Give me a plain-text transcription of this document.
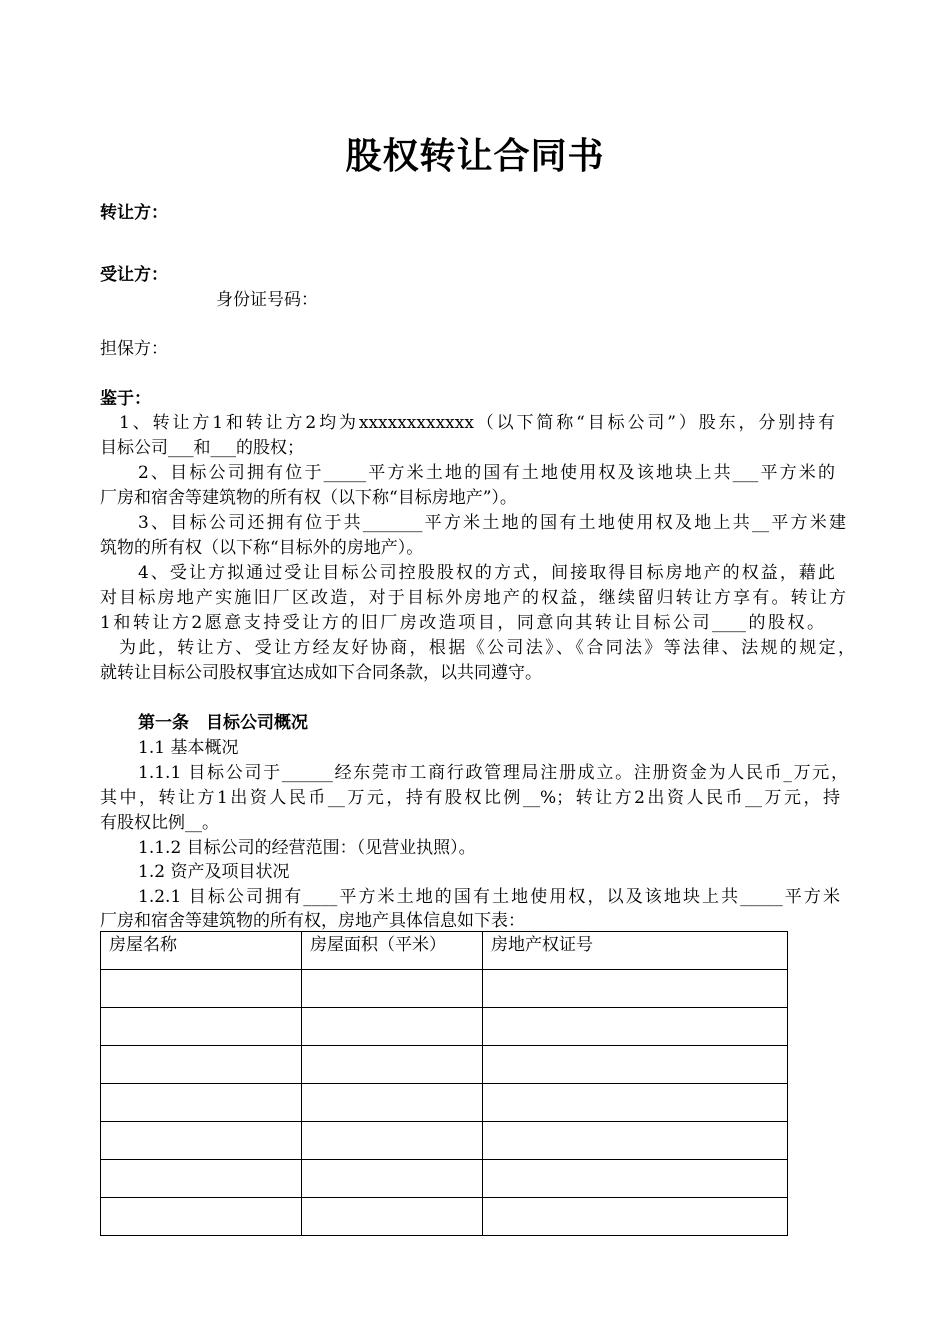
股权转让合同书
转让方：
受让方：
身份证号码：
担保方：
鉴于：
1、转让方1和转让方2均为xxxxxxxxxxxx（以下简称“目标公司”）股东，分别持有
目标公司___和___的股权；
2、目标公司拥有位于_____平方米土地的国有土地使用权及该地块上共___平方米的
厂房和宿舍等建筑物的所有权（以下称“目标房地产”）。
3、目标公司还拥有位于共_______平方米土地的国有土地使用权及地上共__平方米建
筑物的所有权（以下称“目标外的房地产）。
4、受让方拟通过受让目标公司控股股权的方式，间接取得目标房地产的权益，藉此
对目标房地产实施旧厂区改造，对于目标外房地产的权益，继续留归转让方享有。转让方
1和转让方2愿意支持受让方的旧厂房改造项目，同意向其转让目标公司____的股权。
为此，转让方、受让方经友好协商，根据《公司法》、《合同法》等法律、法规的规定，
就转让目标公司股权事宜达成如下合同条款，以共同遵守。
第一条　目标公司概况
1.1 基本概况
1.1.1 目标公司于______经东莞市工商行政管理局注册成立。注册资金为人民币_万元，
其中，转让方1出资人民币__万元，持有股权比例__%；转让方2出资人民币__万元，持
有股权比例__。
1.1.2 目标公司的经营范围：（见营业执照）。
1.2 资产及项目状况
1.2.1 目标公司拥有____平方米土地的国有土地使用权，以及该地块上共_____平方米
厂房和宿舍等建筑物的所有权，房地产具体信息如下表：
房屋名称	房屋面积（平米）	房地产权证号
